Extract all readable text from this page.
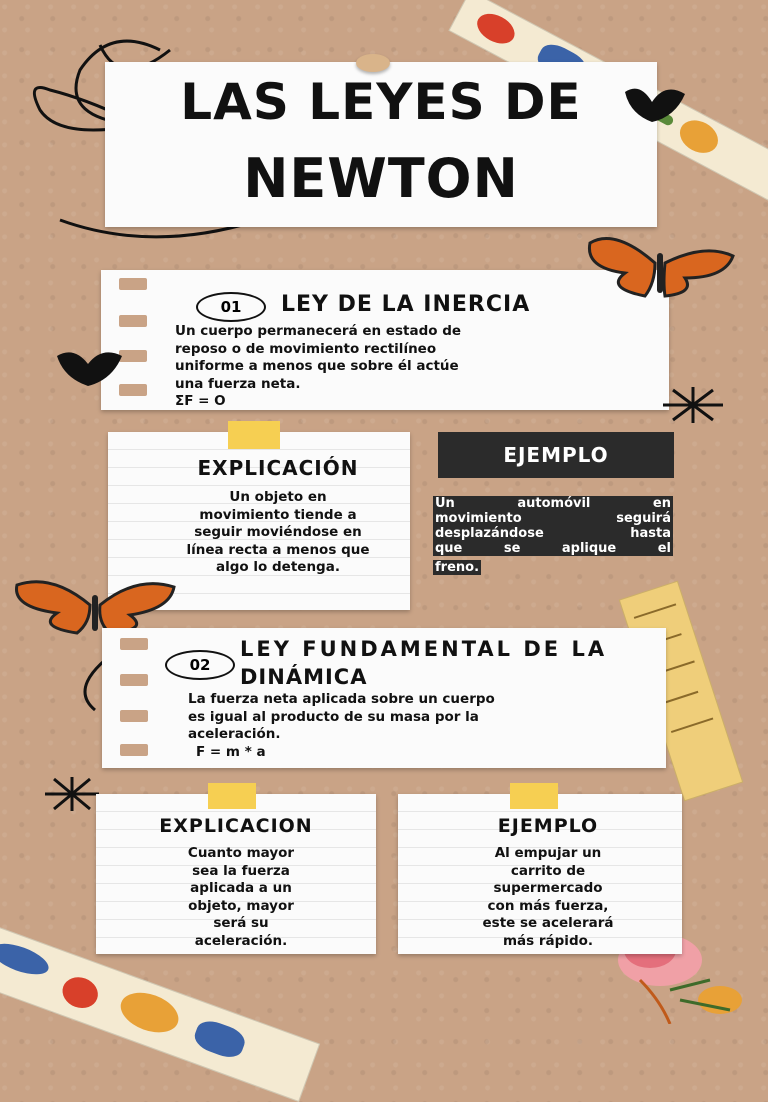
LAS LEYES DE
NEWTON
01	LEY DE LA INERCIA
Un cuerpo permanecerá en estado de
reposo o de movimiento rectilíneo
uniforme a menos que sobre él actúe
una fuerza neta.
ΣF = O
EXPLICACIÓN
Un objeto en
movimiento tiende a
seguir moviéndose en
línea recta a menos que
algo lo detenga.
EJEMPLO
Un	automóvil	en
movimiento	seguirá
desplazándose hasta
que	se	aplique	el
freno.
02
LEY FUNDAMENTAL DE LA
DINÁMICA
La fuerza neta aplicada sobre un cuerpo
es igual al producto de su masa por la
aceleración.
F = m * a
EXPLICACION
Cuanto mayor
sea la fuerza
aplicada a un
objeto, mayor
será su
aceleración.
EJEMPLO
Al empujar un
carrito de
supermercado
con más fuerza,
este se acelerará
más rápido.
